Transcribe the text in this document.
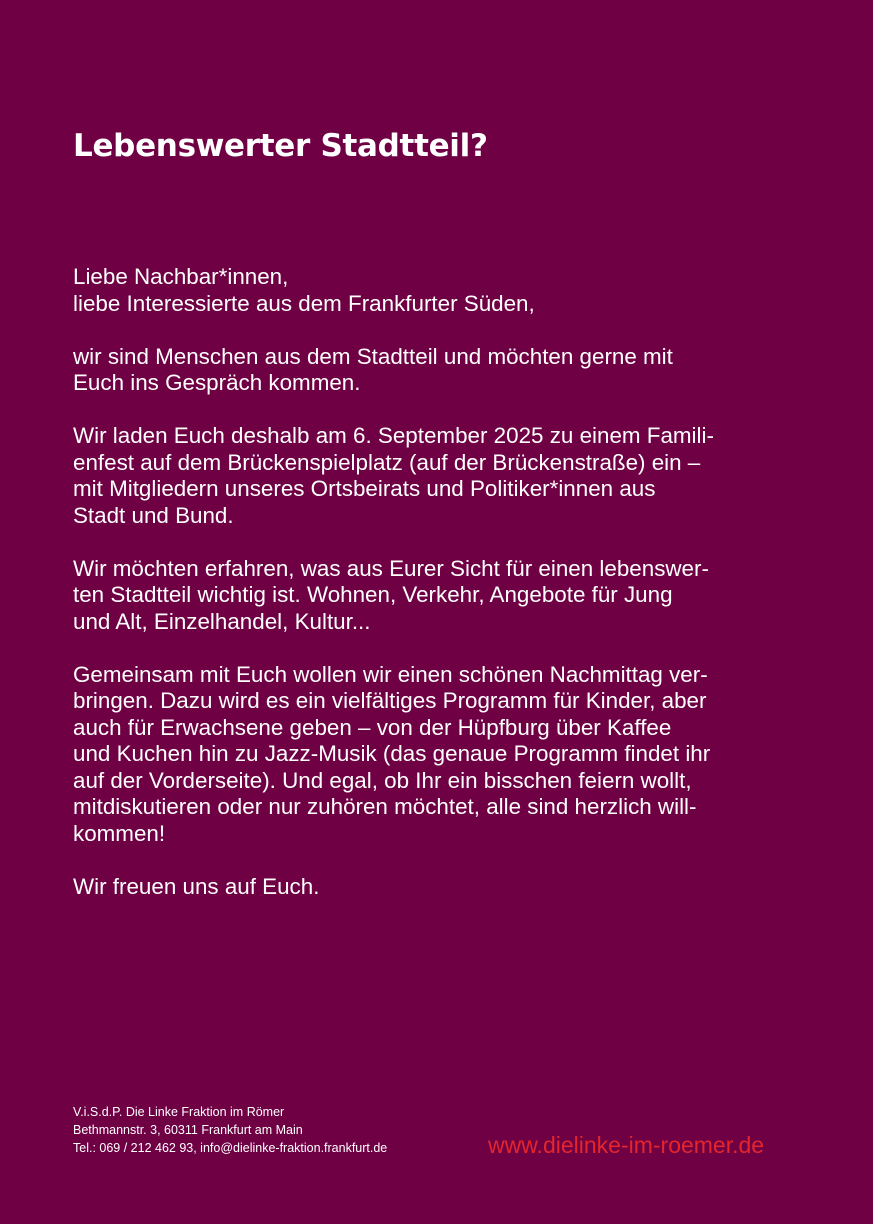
Lebenswerter Stadtteil?

Liebe Nachbar*innen,
liebe Interessierte aus dem Frankfurter Süden,

wir sind Menschen aus dem Stadtteil und möchten gerne mit
Euch ins Gespräch kommen.

Wir laden Euch deshalb am 6. September 2025 zu einem Famili-
enfest auf dem Brückenspielplatz (auf der Brückenstraße) ein –
mit Mitgliedern unseres Ortsbeirats und Politiker*innen aus
Stadt und Bund.

Wir möchten erfahren, was aus Eurer Sicht für einen lebenswer-
ten Stadtteil wichtig ist. Wohnen, Verkehr, Angebote für Jung
und Alt, Einzelhandel, Kultur...

Gemeinsam mit Euch wollen wir einen schönen Nachmittag ver-
bringen. Dazu wird es ein vielfältiges Programm für Kinder, aber
auch für Erwachsene geben – von der Hüpfburg über Kaffee
und Kuchen hin zu Jazz-Musik (das genaue Programm findet ihr
auf der Vorderseite). Und egal, ob Ihr ein bisschen feiern wollt,
mitdiskutieren oder nur zuhören möchtet, alle sind herzlich will-
kommen!

Wir freuen uns auf Euch.

V.i.S.d.P. Die Linke Fraktion im Römer
Bethmannstr. 3, 60311 Frankfurt am Main
Tel.: 069 / 212 462 93, info@dielinke-fraktion.frankfurt.de	www.dielinke-im-roemer.de
